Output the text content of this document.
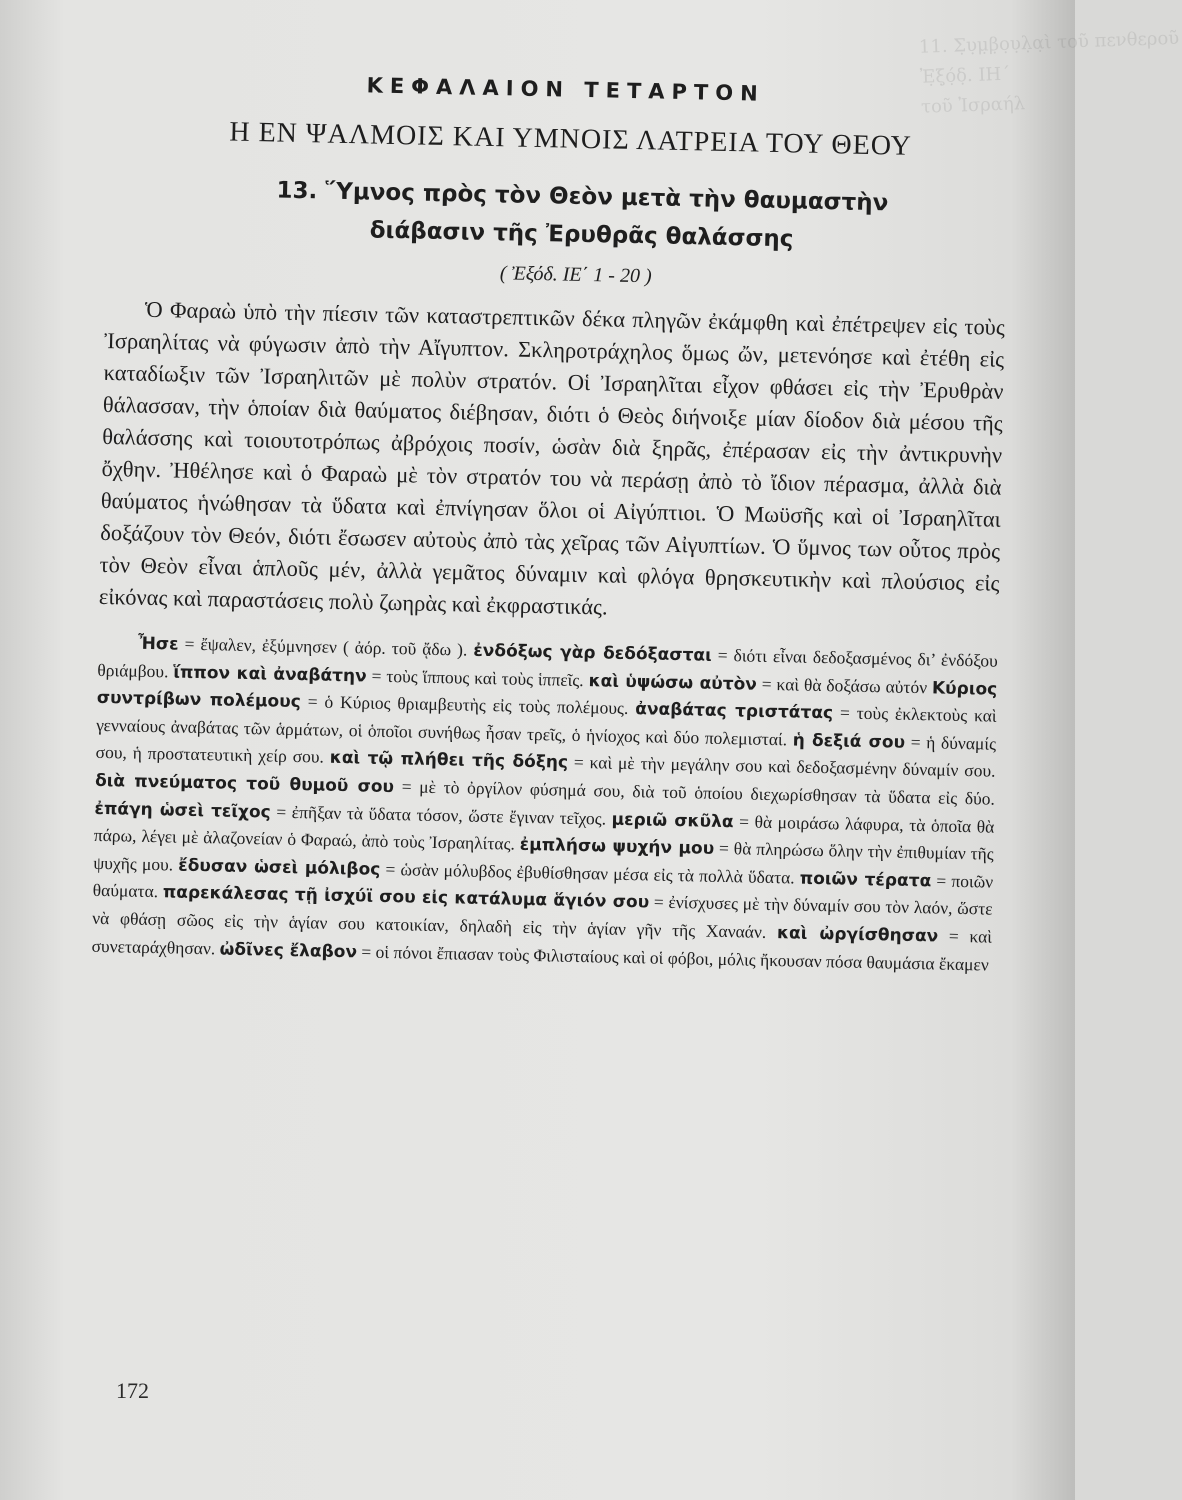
11. Σ̣υ̣μ̣β̣ο̣υ̣λ̣α̣ὶ τοῦ πενθεροῦ
Ἐ̣ξ̣ό̣δ̣. ΙΗ΄
τοῦ Ἰσραήλ
ΚΕΦΑΛΑΙΟΝ ΤΕΤΑΡΤΟΝ
Η ΕΝ ΨΑΛΜΟΙΣ ΚΑΙ ΥΜΝΟΙΣ ΛΑΤΡΕΙΑ ΤΟΥ ΘΕΟΥ
13. Ὕμνος πρὸς τὸν Θεὸν μετὰ τὴν θαυμαστὴν
διάβασιν τῆς Ἐρυθρᾶς θαλάσσης
( Ἐξόδ. ΙΕ΄ 1 - 20 )

Ὁ Φαραὼ ὑπὸ τὴν πίεσιν τῶν καταστρεπτικῶν δέκα πληγῶν ἐκάμφθη καὶ ἐπέτρεψεν εἰς τοὺς Ἰσραηλίτας νὰ φύγωσιν ἀπὸ τὴν Αἴγυπτον. Σκληροτράχηλος ὅμως ὤν, μετενόησε καὶ ἐτέθη εἰς καταδίωξιν τῶν Ἰσραηλιτῶν μὲ πολὺν στρατόν. Οἱ Ἰσραηλῖται εἶχον φθάσει εἰς τὴν Ἐρυθρὰν θάλασσαν, τὴν ὁποίαν διὰ θαύματος διέβησαν, διότι ὁ Θεὸς διήνοιξε μίαν δίοδον διὰ μέσου τῆς θαλάσσης καὶ τοιουτοτρόπως ἀβρόχοις ποσίν, ὡσὰν διὰ ξηρᾶς, ἐπέρασαν εἰς τὴν ἀντικρυνὴν ὄχθην. Ἠθέλησε καὶ ὁ Φαραὼ μὲ τὸν στρατόν του νὰ περάσῃ ἀπὸ τὸ ἴδιον πέρασμα, ἀλλὰ διὰ θαύματος ἡνώθησαν τὰ ὕδατα καὶ ἐπνίγησαν ὅλοι οἱ Αἰγύπτιοι. Ὁ Μωϋσῆς καὶ οἱ Ἰσραηλῖται δοξάζουν τὸν Θεόν, διότι ἔσωσεν αὐτοὺς ἀπὸ τὰς χεῖρας τῶν Αἰγυπτίων. Ὁ ὕμνος των οὗτος πρὸς τὸν Θεὸν εἶναι ἁπλοῦς μέν, ἀλλὰ γεμᾶτος δύναμιν καὶ φλόγα θρησκευτικὴν καὶ πλούσιος εἰς εἰκόνας καὶ παραστάσεις πολὺ ζωηρὰς καὶ ἐκφραστικάς.

Ἦσε = ἔψαλεν, ἐξύμνησεν ( ἀόρ. τοῦ ᾄδω ). ἐνδόξως γὰρ δεδόξασται = διότι εἶναι δεδοξασμένος δι’ ἐνδόξου θριάμβου. ἵππον καὶ ἀναβάτην = τοὺς ἵππους καὶ τοὺς ἱππεῖς. καὶ ὑψώσω αὐτὸν = καὶ θὰ δοξάσω αὐτόν Κύριος συντρίβων πολέμους = ὁ Κύριος θριαμβευτὴς εἰς τοὺς πολέμους. ἀναβάτας τριστάτας = τοὺς ἐκλεκτοὺς καὶ γενναίους ἀναβάτας τῶν ἁρμάτων, οἱ ὁποῖοι συνήθως ἦσαν τρεῖς, ὁ ἡνίοχος καὶ δύο πολεμισταί. ἡ δεξιά σου = ἡ δύναμίς σου, ἡ προστατευτικὴ χείρ σου. καὶ τῷ πλήθει τῆς δόξης = καὶ μὲ τὴν μεγάλην σου καὶ δεδοξασμένην δύναμίν σου. διὰ πνεύματος τοῦ θυμοῦ σου = μὲ τὸ ὀργίλον φύσημά σου, διὰ τοῦ ὁποίου διεχωρίσθησαν τὰ ὕδατα εἰς δύο. ἐπάγη ὡσεὶ τεῖχος = ἐπῆξαν τὰ ὕδατα τόσον, ὥστε ἔγιναν τεῖχος. μεριῶ σκῦλα = θὰ μοιράσω λάφυρα, τὰ ὁποῖα θὰ πάρω, λέγει μὲ ἀλαζονείαν ὁ Φαραώ, ἀπὸ τοὺς Ἰσραηλίτας. ἐμπλήσω ψυχήν μου = θὰ πληρώσω ὅλην τὴν ἐπιθυμίαν τῆς ψυχῆς μου. ἔδυσαν ὡσεὶ μόλιβος = ὡσὰν μόλυβδος ἐβυθίσθησαν μέσα εἰς τὰ πολλὰ ὕδατα. ποιῶν τέρατα = ποιῶν θαύματα. παρεκάλεσας τῇ ἰσχύϊ σου εἰς κατάλυμα ἅγιόν σου = ἐνίσχυσες μὲ τὴν δύναμίν σου τὸν λαόν, ὥστε νὰ φθάσῃ σῶος εἰς τὴν ἁγίαν σου κατοικίαν, δηλαδὴ εἰς τὴν ἁγίαν γῆν τῆς Χαναάν. καὶ ὠργίσθησαν = καὶ συνεταράχθησαν. ὠδῖνες ἔλαβον = οἱ πόνοι ἔπιασαν τοὺς Φιλισταίους καὶ οἱ φόβοι, μόλις ἤκουσαν πόσα θαυμάσια ἔκαμεν

172
